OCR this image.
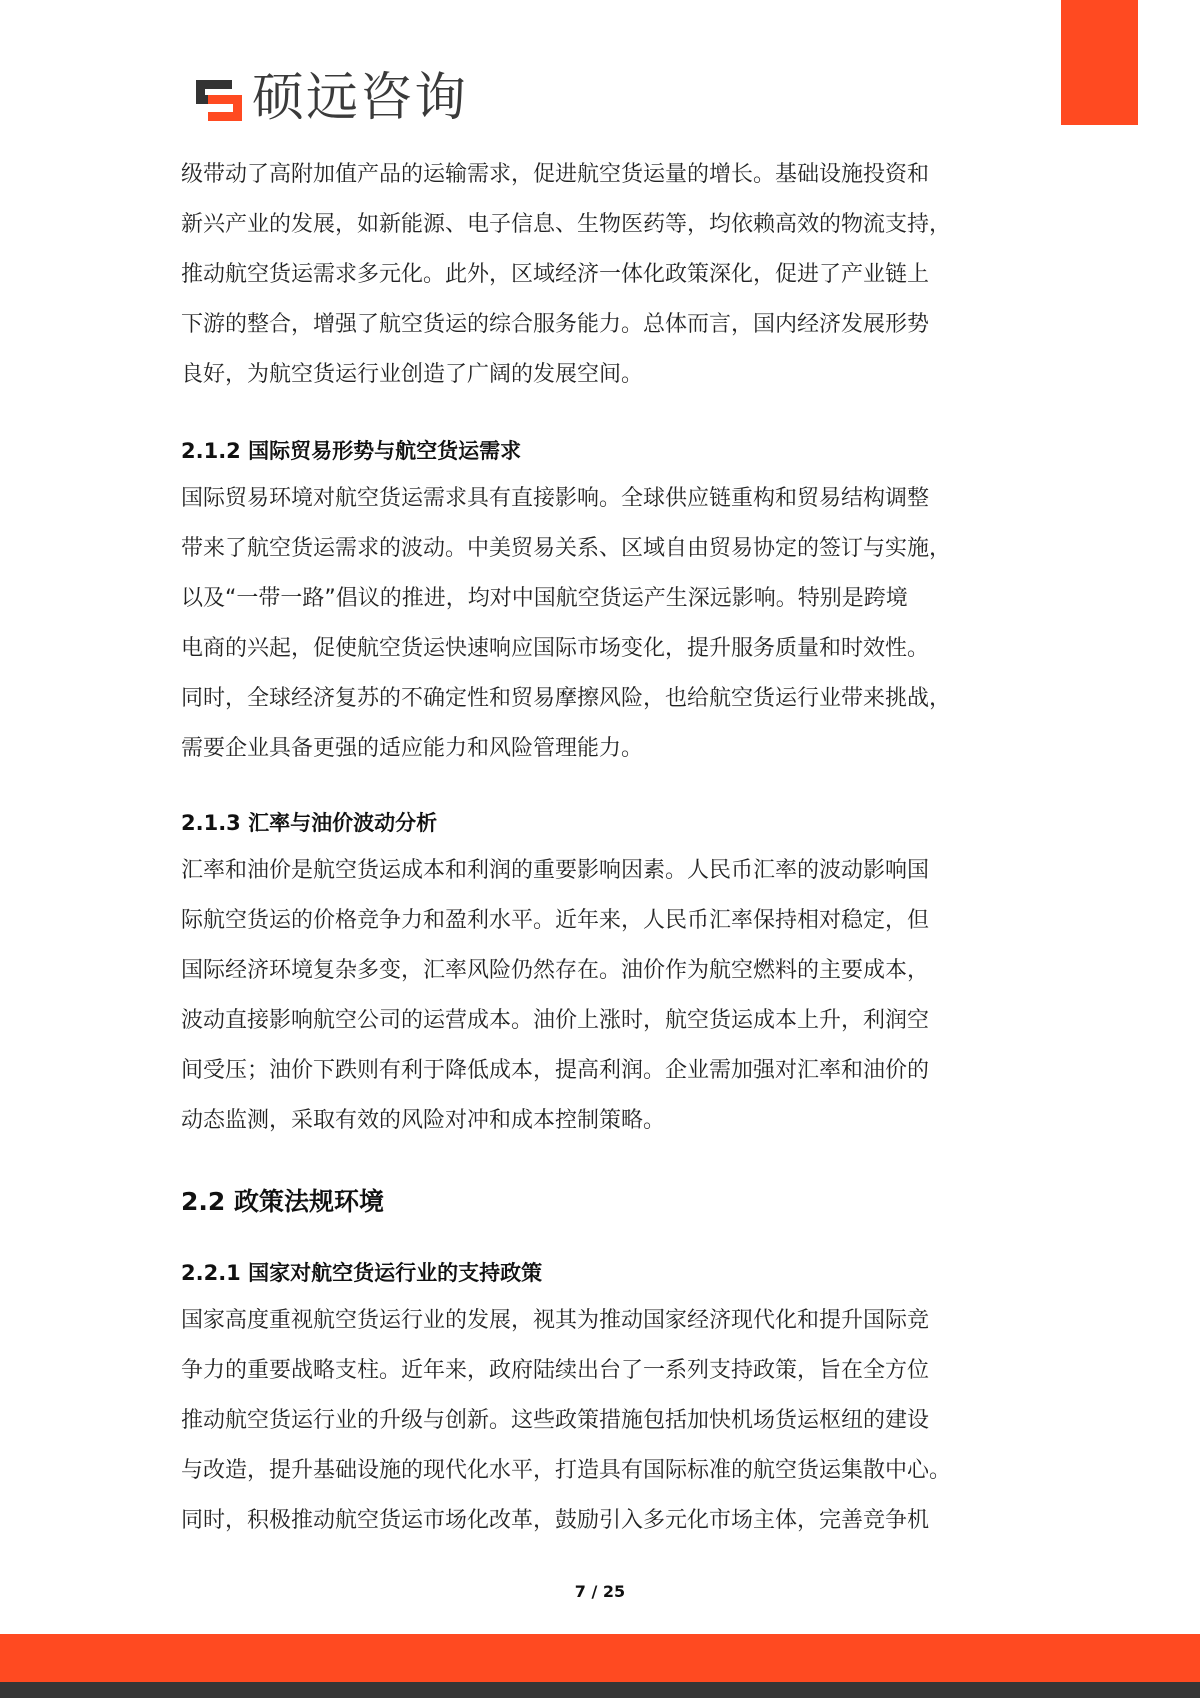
硕远咨询
级带动了高附加值产品的运输需求，促进航空货运量的增长。基础设施投资和
新兴产业的发展，如新能源、电子信息、生物医药等，均依赖高效的物流支持，
推动航空货运需求多元化。此外，区域经济一体化政策深化，促进了产业链上
下游的整合，增强了航空货运的综合服务能力。总体而言，国内经济发展形势
良好，为航空货运行业创造了广阔的发展空间。
2.1.2 国际贸易形势与航空货运需求
国际贸易环境对航空货运需求具有直接影响。全球供应链重构和贸易结构调整
带来了航空货运需求的波动。中美贸易关系、区域自由贸易协定的签订与实施，
以及“一带一路”倡议的推进，均对中国航空货运产生深远影响。特别是跨境
电商的兴起，促使航空货运快速响应国际市场变化，提升服务质量和时效性。
同时，全球经济复苏的不确定性和贸易摩擦风险，也给航空货运行业带来挑战，
需要企业具备更强的适应能力和风险管理能力。
2.1.3 汇率与油价波动分析
汇率和油价是航空货运成本和利润的重要影响因素。人民币汇率的波动影响国
际航空货运的价格竞争力和盈利水平。近年来，人民币汇率保持相对稳定，但
国际经济环境复杂多变，汇率风险仍然存在。油价作为航空燃料的主要成本，
波动直接影响航空公司的运营成本。油价上涨时，航空货运成本上升，利润空
间受压；油价下跌则有利于降低成本，提高利润。企业需加强对汇率和油价的
动态监测，采取有效的风险对冲和成本控制策略。
2.2 政策法规环境
2.2.1 国家对航空货运行业的支持政策
国家高度重视航空货运行业的发展，视其为推动国家经济现代化和提升国际竞
争力的重要战略支柱。近年来，政府陆续出台了一系列支持政策，旨在全方位
推动航空货运行业的升级与创新。这些政策措施包括加快机场货运枢纽的建设
与改造，提升基础设施的现代化水平，打造具有国际标准的航空货运集散中心。
同时，积极推动航空货运市场化改革，鼓励引入多元化市场主体，完善竞争机
7 / 25
